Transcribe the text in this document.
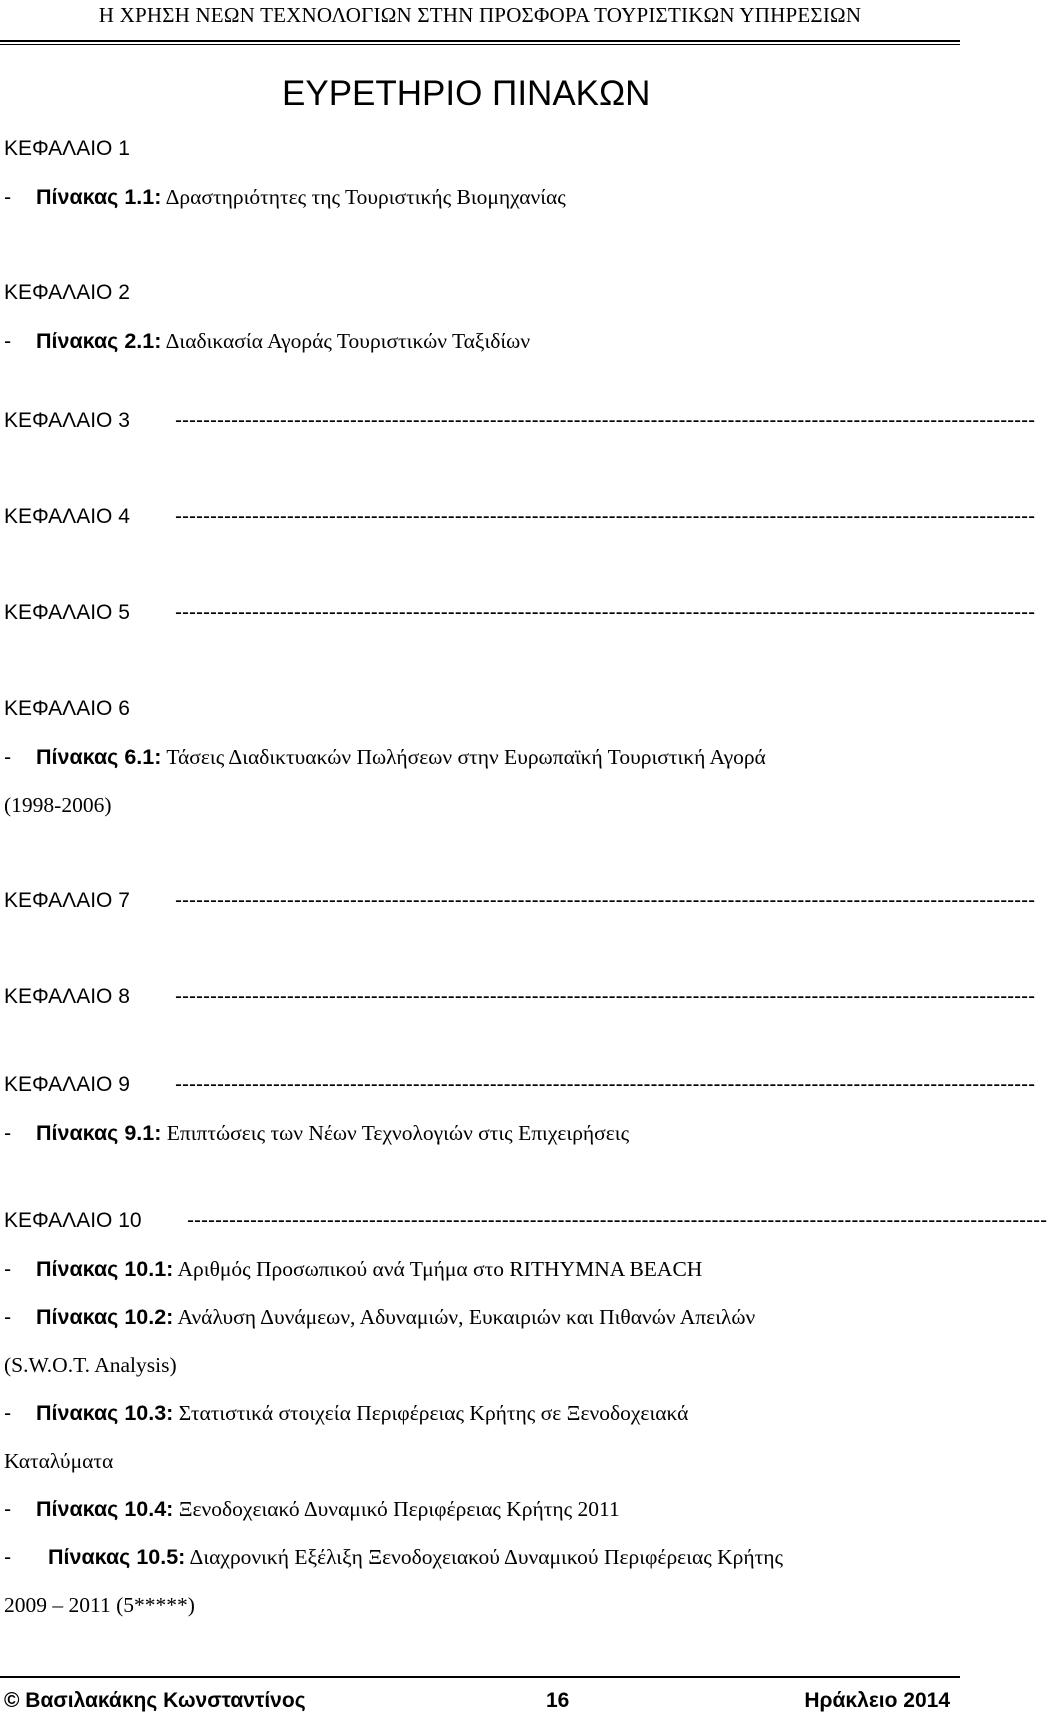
Η ΧΡΗΣΗ ΝΕΩΝ ΤΕΧΝΟΛΟΓΙΩΝ ΣΤΗΝ ΠΡΟΣΦΟΡΑ ΤΟΥΡΙΣΤΙΚΩΝ ΥΠΗΡΕΣΙΩΝ
ΕΥΡΕΤΗΡΙΟ ΠΙΝΑΚΩΝ
ΚΕΦΑΛΑΙΟ 1
- Πίνακας 1.1: Δραστηριότητες της Τουριστικής Βιομηχανίας
ΚΕΦΑΛΑΙΟ 2
- Πίνακας 2.1: Διαδικασία Αγοράς Τουριστικών Ταξιδίων
ΚΕΦΑΛΑΙΟ 3 ---------------------------------------------------------------------------------------------------------------------------
ΚΕΦΑΛΑΙΟ 4 ---------------------------------------------------------------------------------------------------------------------------
ΚΕΦΑΛΑΙΟ 5 ---------------------------------------------------------------------------------------------------------------------------
ΚΕΦΑΛΑΙΟ 6
- Πίνακας 6.1: Τάσεις Διαδικτυακών Πωλήσεων στην Ευρωπαϊκή Τουριστική Αγορά
(1998-2006)
ΚΕΦΑΛΑΙΟ 7 ---------------------------------------------------------------------------------------------------------------------------
ΚΕΦΑΛΑΙΟ 8 ---------------------------------------------------------------------------------------------------------------------------
ΚΕΦΑΛΑΙΟ 9 ---------------------------------------------------------------------------------------------------------------------------
- Πίνακας 9.1: Επιπτώσεις των Νέων Τεχνολογιών στις Επιχειρήσεις
ΚΕΦΑΛΑΙΟ 10 ---------------------------------------------------------------------------------------------------------------------------
- Πίνακας 10.1: Αριθμός Προσωπικού ανά Τμήμα στο RITHYMNA BEACH
- Πίνακας 10.2: Ανάλυση Δυνάμεων, Αδυναμιών, Ευκαιριών και Πιθανών Απειλών
(S.W.O.T. Analysis)
- Πίνακας 10.3: Στατιστικά στοιχεία Περιφέρειας Κρήτης σε Ξενοδοχειακά
Καταλύματα
- Πίνακας 10.4: Ξενοδοχειακό Δυναμικό Περιφέρειας Κρήτης 2011
- Πίνακας 10.5: Διαχρονική Εξέλιξη Ξενοδοχειακού Δυναμικού Περιφέρειας Κρήτης
2009 – 2011 (5*****)
© Βασιλακάκης Κωνσταντίνος	16	Ηράκλειο 2014
